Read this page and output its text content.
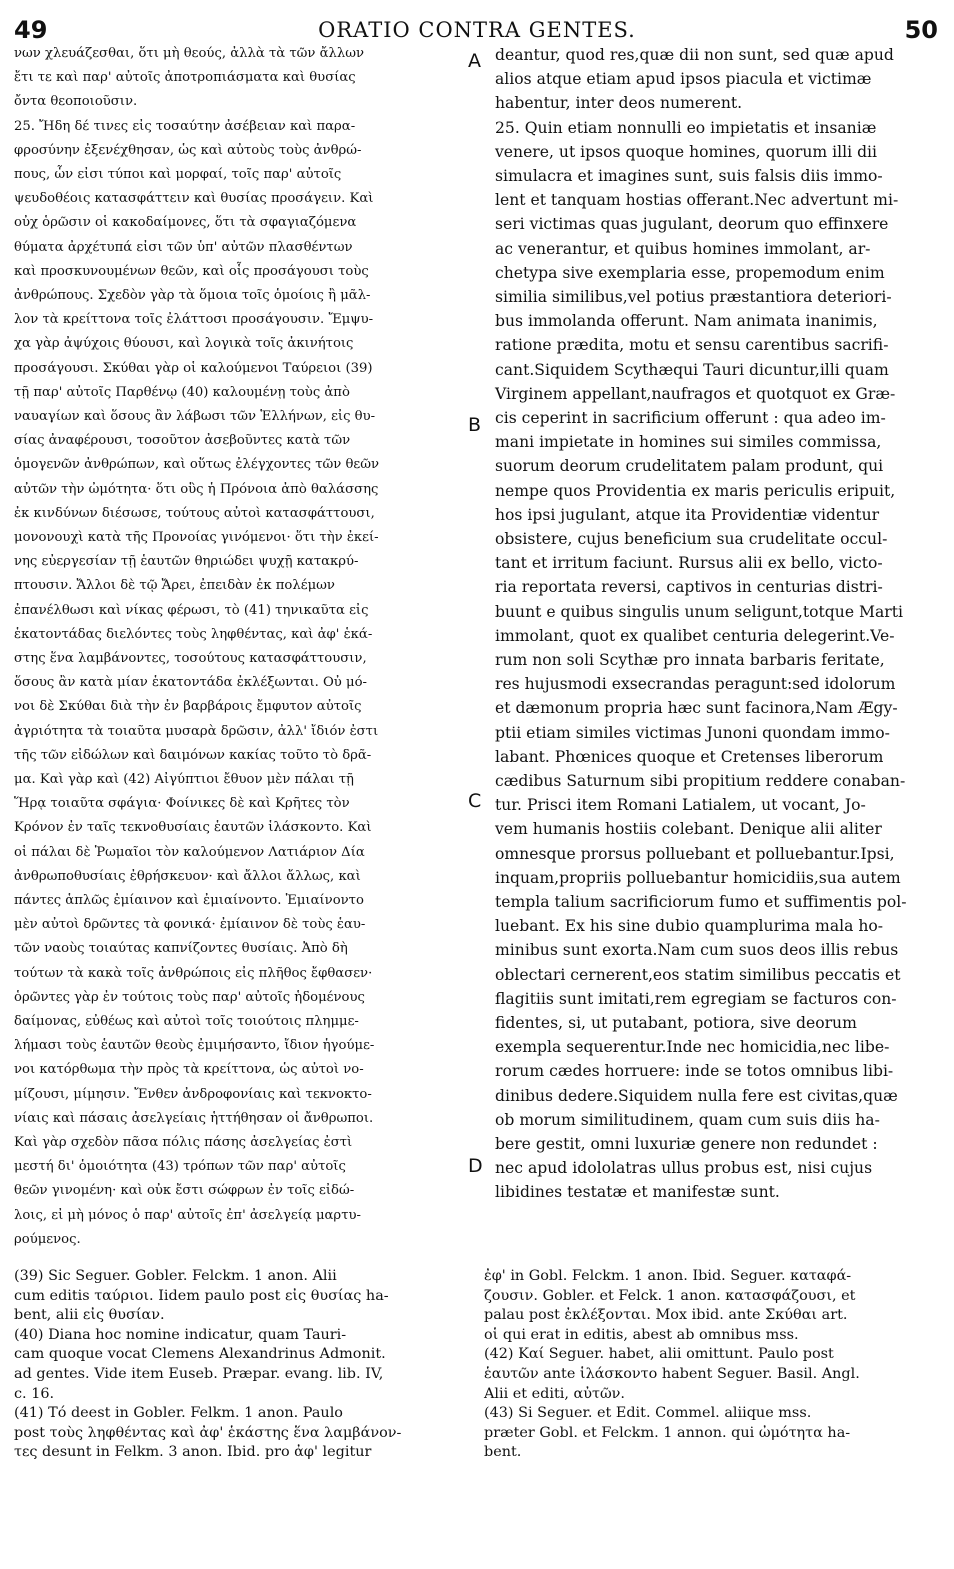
49	ORATIO CONTRA GENTES.	50
νων χλευάζεσθαι, ὅτι μὴ θεούς, ἀλλὰ τὰ τῶν ἄλλων
ἔτι τε καὶ παρ' αὐτοῖς ἀποτροπιάσματα καὶ θυσίας
ὄντα θεοποιοῦσιν.
25. Ἤδη δέ τινες εἰς τοσαύτην ἀσέβειαν καὶ παρα-
φροσύνην ἐξενέχθησαν, ὡς καὶ αὐτοὺς τοὺς ἀνθρώ-
πους, ὧν εἰσι τύποι καὶ μορφαί, τοῖς παρ' αὐτοῖς
ψευδοθέοις κατασφάττειν καὶ θυσίας προσάγειν. Καὶ
οὐχ ὁρῶσιν οἱ κακοδαίμονες, ὅτι τὰ σφαγιαζόμενα
θύματα ἀρχέτυπά εἰσι τῶν ὑπ' αὐτῶν πλασθέντων
καὶ προσκυνουμένων θεῶν, καὶ οἷς προσάγουσι τοὺς
ἀνθρώπους. Σχεδὸν γὰρ τὰ ὅμοια τοῖς ὁμοίοις ἢ μᾶλ-
λον τὰ κρείττονα τοῖς ἐλάττοσι προσάγουσιν. Ἔμψυ-
χα γὰρ ἀψύχοις θύουσι, καὶ λογικὰ τοῖς ἀκινήτοις
προσάγουσι. Σκύθαι γὰρ οἱ καλούμενοι Ταύρειοι (39)
τῇ παρ' αὐτοῖς Παρθένῳ (40) καλουμένῃ τοὺς ἀπὸ
ναυαγίων καὶ ὅσους ἂν λάβωσι τῶν Ἑλλήνων, εἰς θυ-
σίας ἀναφέρουσι, τοσοῦτον ἀσεβοῦντες κατὰ τῶν
ὁμογενῶν ἀνθρώπων, καὶ οὕτως ἐλέγχοντες τῶν θεῶν
αὐτῶν τὴν ὠμότητα· ὅτι οὓς ἡ Πρόνοια ἀπὸ θαλάσσης
ἐκ κινδύνων διέσωσε, τούτους αὐτοὶ κατασφάττουσι,
μονονουχὶ κατὰ τῆς Προνοίας γινόμενοι· ὅτι τὴν ἐκεί-
νης εὐεργεσίαν τῇ ἑαυτῶν θηριώδει ψυχῇ κατακρύ-
πτουσιν. Ἄλλοι δὲ τῷ Ἄρει, ἐπειδὰν ἐκ πολέμων
ἐπανέλθωσι καὶ νίκας φέρωσι, τὸ (41) τηνικαῦτα εἰς
ἑκατοντάδας διελόντες τοὺς ληφθέντας, καὶ ἀφ' ἑκά-
στης ἕνα λαμβάνοντες, τοσούτους κατασφάττουσιν,
ὅσους ἂν κατὰ μίαν ἑκατοντάδα ἐκλέξωνται. Οὐ μό-
νοι δὲ Σκύθαι διὰ τὴν ἐν βαρβάροις ἔμφυτον αὐτοῖς
ἀγριότητα τὰ τοιαῦτα μυσαρὰ δρῶσιν, ἀλλ' ἴδιόν ἐστι
τῆς τῶν εἰδώλων καὶ δαιμόνων κακίας τοῦτο τὸ δρᾶ-
μα. Καὶ γὰρ καὶ (42) Αἰγύπτιοι ἔθυον μὲν πάλαι τῇ
Ἥρᾳ τοιαῦτα σφάγια· Φοίνικες δὲ καὶ Κρῆτες τὸν
Κρόνον ἐν ταῖς τεκνοθυσίαις ἑαυτῶν ἱλάσκοντο. Καὶ
οἱ πάλαι δὲ Ῥωμαῖοι τὸν καλούμενον Λατιάριον Δία
ἀνθρωποθυσίαις ἐθρήσκευον· καὶ ἄλλοι ἄλλως, καὶ
πάντες ἁπλῶς ἐμίαινον καὶ ἐμιαίνοντο. Ἐμιαίνοντο
μὲν αὐτοὶ δρῶντες τὰ φονικά· ἐμίαινον δὲ τοὺς ἑαυ-
τῶν ναοὺς τοιαύτας καπνίζοντες θυσίαις. Ἀπὸ δὴ
τούτων τὰ κακὰ τοῖς ἀνθρώποις εἰς πλῆθος ἔφθασεν·
ὁρῶντες γὰρ ἐν τούτοις τοὺς παρ' αὐτοῖς ἡδομένους
δαίμονας, εὐθέως καὶ αὐτοὶ τοῖς τοιούτοις πλημμε-
λήμασι τοὺς ἑαυτῶν θεοὺς ἐμιμήσαντο, ἴδιον ἡγούμε-
νοι κατόρθωμα τὴν πρὸς τὰ κρείττονα, ὡς αὐτοὶ νο-
μίζουσι, μίμησιν. Ἔνθεν ἀνδροφονίαις καὶ τεκνοκτο-
νίαις καὶ πάσαις ἀσελγείαις ἡττήθησαν οἱ ἄνθρωποι.
Καὶ γὰρ σχεδὸν πᾶσα πόλις πάσης ἀσελγείας ἐστὶ
μεστή δι' ὁμοιότητα (43) τρόπων τῶν παρ' αὐτοῖς
θεῶν γινομένη· καὶ οὐκ ἔστι σώφρων ἐν τοῖς εἰδώ-
λοις, εἰ μὴ μόνος ὁ παρ' αὐτοῖς ἐπ' ἀσελγείᾳ μαρτυ-
ρούμενος.
deantur, quod res,quæ dii non sunt, sed quæ apud
alios atque etiam apud ipsos piacula et victimæ
habentur, inter deos numerent.
25. Quin etiam nonnulli eo impietatis et insaniæ
venere, ut ipsos quoque homines, quorum illi dii
simulacra et imagines sunt, suis falsis diis immo-
lent et tanquam hostias offerant.Nec advertunt mi-
seri victimas quas jugulant, deorum quo effinxere
ac venerantur, et quibus homines immolant, ar-
chetypa sive exemplaria esse, propemodum enim
similia similibus,vel potius præstantiora deteriori-
bus immolanda offerunt. Nam animata inanimis,
ratione prædita, motu et sensu carentibus sacrifi-
cant.Siquidem Scythæqui Tauri dicuntur,illi quam
Virginem appellant,naufragos et quotquot ex Græ-
cis ceperint in sacrificium offerunt : qua adeo im-
mani impietate in homines sui similes commissa,
suorum deorum crudelitatem palam produnt, qui
nempe quos Providentia ex maris periculis eripuit,
hos ipsi jugulant, atque ita Providentiæ videntur
obsistere, cujus beneficium sua crudelitate occul-
tant et irritum faciunt. Rursus alii ex bello, victo-
ria reportata reversi, captivos in centurias distri-
buunt e quibus singulis unum seligunt,totque Marti
immolant, quot ex qualibet centuria delegerint.Ve-
rum non soli Scythæ pro innata barbaris feritate,
res hujusmodi exsecrandas peragunt:sed idolorum
et dæmonum propria hæc sunt facinora,Nam Ægy-
ptii etiam similes victimas Junoni quondam immo-
labant. Phœnices quoque et Cretenses liberorum
cædibus Saturnum sibi propitium reddere conaban-
tur. Prisci item Romani Latialem, ut vocant, Jo-
vem humanis hostiis colebant. Denique alii aliter
omnesque prorsus polluebant et polluebantur.Ipsi,
inquam,propriis polluebantur homicidiis,sua autem
templa talium sacrificiorum fumo et suffimentis pol-
luebant. Ex his sine dubio quamplurima mala ho-
minibus sunt exorta.Nam cum suos deos illis rebus
oblectari cernerent,eos statim similibus peccatis et
flagitiis sunt imitati,rem egregiam se facturos con-
fidentes, si, ut putabant, potiora, sive deorum
exempla sequerentur.Inde nec homicidia,nec libe-
rorum cædes horruere: inde se totos omnibus libi-
dinibus dedere.Siquidem nulla fere est civitas,quæ
ob morum similitudinem, quam cum suis diis ha-
bere gestit, omni luxuriæ genere non redundet :
nec apud idololatras ullus probus est, nisi cujus
libidines testatæ et manifestæ sunt.
A
B
C
D
(39) Sic Seguer. Gobler. Felckm. 1 anon. Alii
cum editis ταύριοι. Iidem paulo post εἰς θυσίας ha-
bent, alii εἰς θυσίαν.
(40) Diana hoc nomine indicatur, quam Tauri-
cam quoque vocat Clemens Alexandrinus Admonit.
ad gentes. Vide item Euseb. Præpar. evang. lib. IV,
c. 16.
(41) Τό deest in Gobler. Felkm. 1 anon. Paulo
post τοὺς ληφθέντας καὶ ἀφ' ἑκάστης ἕνα λαμβάνον-
τες desunt in Felkm. 3 anon. Ibid. pro ἀφ' legitur
ἐφ' in Gobl. Felckm. 1 anon. Ibid. Seguer. καταφά-
ζουσιν. Gobler. et Felck. 1 anon. κατασφάζουσι, et
palau post ἐκλέξονται. Mox ibid. ante Σκύθαι art.
οἱ qui erat in editis, abest ab omnibus mss.
(42) Καί Seguer. habet, alii omittunt. Paulo post
ἑαυτῶν ante ἱλάσκοντο habent Seguer. Basil. Angl.
Alii et editi, αὐτῶν.
(43) Si Seguer. et Edit. Commel. aliique mss.
præter Gobl. et Felckm. 1 annon. qui ὠμότητα ha-
bent.
